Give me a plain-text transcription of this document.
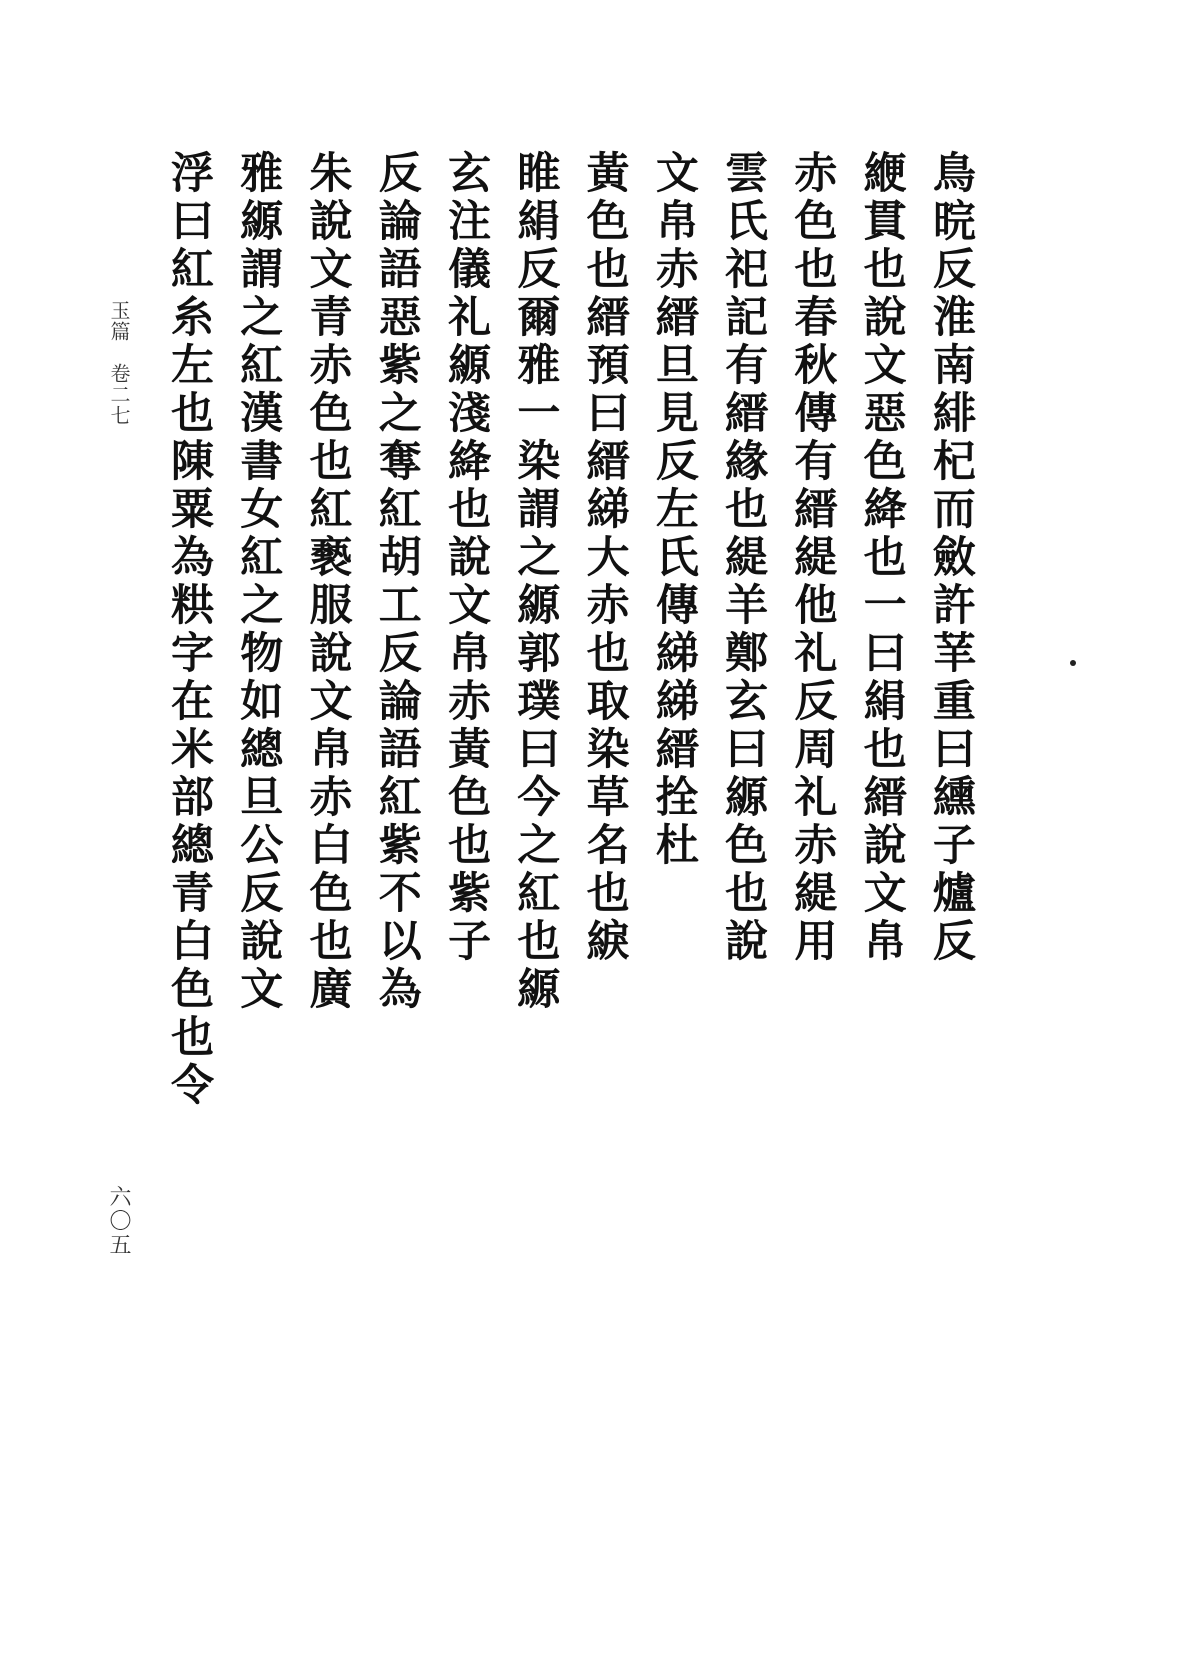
玉篇　卷二七
六〇五
鳥晥反淮南緋杞而斂許𦭵重曰纁子爐反
緶貫也說文惡色絳也一曰絹也縉說文帛
赤色也春秋傳有縉緹他礼反周礼赤緹用
雲氏祀記有縉緣也緹羊鄭玄曰縓色也說
文帛赤縉旦見反左氏傳綈綈縉拴杜
黃色也縉預曰縉綈大赤也取染草名也綟
睢絹反爾雅一染謂之縓郭璞曰今之紅也縓
玄注儀礼縓淺絳也說文帛赤黃色也紫子
反論語惡紫之奪紅胡工反論語紅紫不以為
朱說文青赤色也紅褻服說文帛赤白色也廣
雅縓謂之紅漢書女紅之物如總旦公反說文
浮曰紅糸左也陳粟為粠字在米部總青白色也令
